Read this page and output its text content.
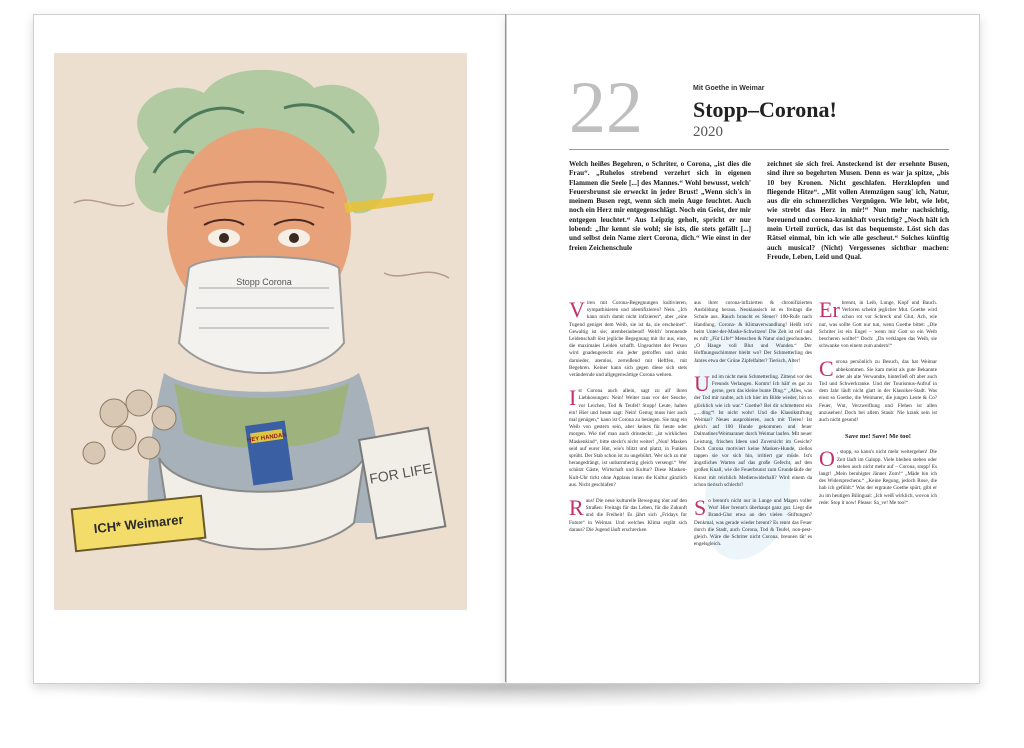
Stopp Corona
HEY HANDAN
ICH* Weimarer
FOR LIFE
22	Mit Goethe in Weimar
Stopp–Corona!
2020
Welch heißes Begehren, o Schriter, o Corona, „ist dies die Frau“. „Ruhelos strebend verzehrt sich in eigenen Flammen die Seele [...] des Mannes.“ Wohl bewusst, welch' Feuersbrunst sie erweckt in jeder Brust! „Wenn sich's in meinem Busen regt, wenn sich mein Auge feuchtet. Auch noch ein Herz mir entgegenschlägt. Noch ein Geist, der mir entgegen leuchtet.“ Aus Leipzig geholt, spricht er nur lobend: „Ihr kennt sie wohl; sie ists, die stets gefällt [...] und selbst dein Name ziert Corona, dich.“ Wie einst in der freien Zeichenschule
zeichnet sie sich frei. Ansteckend ist der ersehnte Busen, sind ihre so begehrten Musen. Denn es war ja spitze, „bis 10 bey Kronen. Nicht geschlafen. Herzklopfen und fliegende Hitze“. „Mit vollen Atemzügen saug' ich, Natur, aus dir ein schmerzliches Vergnügen. Wie lebt, wie lebt, wie strebt das Herz in mir!“ Nun mehr nachsichtig, bereuend und corona-krankhaft vorsichtig? „Noch hält ich mein Urteil zurück, das ist das bequemste. Löst sich das Rätsel einmal, bin ich wie alle gescheut.“ Solches künftig auch musical? (Nicht) Vergessenes sichtbar machen: Freude, Leben, Leid und Qual.

Viren mit Corona-Begegnungen kultivieren, sympathisieren und identifizieren? Nein. „Ich kann mich damit nicht infizieren“, aber „eine Tugend geniget dem Weib, sie ist da, sie erscheinet“. Gewaltig ist sie; atemberaubend! Welch' brennende Leidenschaft löst jegliche Begegnung mit ihr aus, eine, die maximales Leiden schafft. Ungeachtet der Person wird gnadengerecht ein jeder getroffen und sinkt darnieder, atemlos, zerreißend mit Heftfen, mit Begehren. Keiner kann sich gegen diese sich stets verändernde und allgegenwärtige Corona wehren.

Ist Corona auch allein, sagt zu all' ihren Liebkosungen: Nein! Weiter raus vor der Seuche, vor Leichen, Tod & Teufel! Stopp! Leute, halten ein! Hier und heute sagt: Nein! Genug muss hier auch mal genügen,“ kann ist Corona zu besiegen. Sie mag ein Weib von gestern sein, aber keines für heute oder morgen. Wie tief man auch drinsteckt: „ist wirklichen Maskenkind“, bitte steckt's nicht weiter! „Nun! Masken seid auf eurer Hut, wie's blitzt und platzt, in Funken sprüht. Der Stab schon ist zu ungebührt. Wer sich zu mir herangedrängt, ist unbarmherzig gleich versengt.“ Wer schützt Gäste, Wirtschaft und Kultur? Diese Masken-Kult-Uhr tickt ohne Applaus innen die Kultur gänzlich aus. Nicht geschlafen?

Raus! Die neue kulturelle Bewegung tönt auf den Straßen: Freitags für das Leben, für die Zukunft und die Freiheit! Es jährt sich „Fridays for Future“ in Weimar. Und welches Klima ergibt sich daraus? Die Jugend läuft erschrecken

aus ihrer corona-infizierten & chronifizierten Ausbildung heraus. Neoklassisch ist es freitags die Schule aus. Rauch braucht es Steuer? 100-Rufe nach Handlung. Corona- & Klimaverwandlung! Heißt ist's beim Unter-der-Maske-Schwitzen! Die Zeit ist reif und es ruft: „Für Life!“ Menschen & Natur sind geschunden. „O Hauge voll Blut und Wunden.“ Der Hoffnungsschimmer bleibt wo? Der Schmetterling des Jahres etwa der Grüne Zipfelfalter? Tierisch, Alter!

Und im nicht mein Schmetterling. Zittend vor des Freunds Verlangen. Komm! Ich hält' es gar zu gerne, gern das kleine bunte Ding.“ „Alles, was der Tod mir raubte, ach ich hier im Bilde wieder, bin so glücklich wie ich war.“ Goethe? Bei dir schmetterst ein „…ding“! Ist nicht wohr! Und die Klassikstiftung Weimar? Neues ausprobieren, auch mit Tieren! Ist gleich auf 100 Hunde gekommen und feuer Dalmatiner/Weimaraner durch Weimar laufen. Mit neuer Leistung, frischen Ideen und Zuversicht im Gesicht? Doch Corona motiviert keine Masken-Hunde, ziellos tappen sie vor sich hin, irritiert gar müde. Ist's ängstliches Warten auf das große Gefecht, auf den großen Knall, wie die Feuerbrunst zum Grundeläufe der Kunst mit reichlich Medienwiderhall? Wird einem da schon tierisch schlecht?

So brennt's nicht nur in Lunge und Magen voller Wut! Hier brennt's überhaupt ganz gut. Liegt die Brand-Glut etwa an den vielen -Stiftungen? Denkmal, was gerade wieder brennt? Es rennt das Feuer durch die Stadt, auch Corona, Tod & Teufel, non-pest-gleich. Wäre die Schriter nicht Corona, brennen tät' es engelsgleich.

Er brennt, in Leib, Lunge, Kopf und Bauch. Verloren scheint jeglicher Mut. Goethe wird schon rot vor Schreck und Glut. Ach, wie nur, was sollte Gott nur tun, wenn Goethe bittet: „Die Schriter ist ein Engel – wenn mir Gott so ein Weib bescheren wollte!“ Doch: „Da verklagen das Weib, sie schwanke von einem zum andern!“

Corona persönlich zu Besuch, das hat Weimar abbekommen. Sie kam meist als gute Bekannte oder als alte Verwandte, hinterließ oft aber auch Tod und Schwerkranke. Und der Tourismus-Aufruf in dem Jahr läuft nicht glatt in der Klassiker-Stadt. Was einst so Goethe, die Weimarer, die jungen Leute & Co? Feuer, Wut, Verzweiflung und Flehen ist allen anzusehen! Doch bei allem Staub: Nie krank sein ist auch nicht gesund!

Save me! Save! Me too!

O , stopp, so kann's nicht mehr weitergehen! Die Zeit läuft im Galopp. Viele bleiben stehen oder stehen auch nicht mehr auf – Corona, stopp! Es langt! „Mein beruhigter Jänner Zorn!“ „Mäde bin ich des Widersprechens.“ „Keine Regung, jedoch Rose, die hab ich gefühlt.“ Was der ergraute Goethe spürt, gibt er zu im heutigen Bilingual: „Ich weiß wirklich, wovon ich rede: Stop it now! Please: Sa_ve! Me too!“
